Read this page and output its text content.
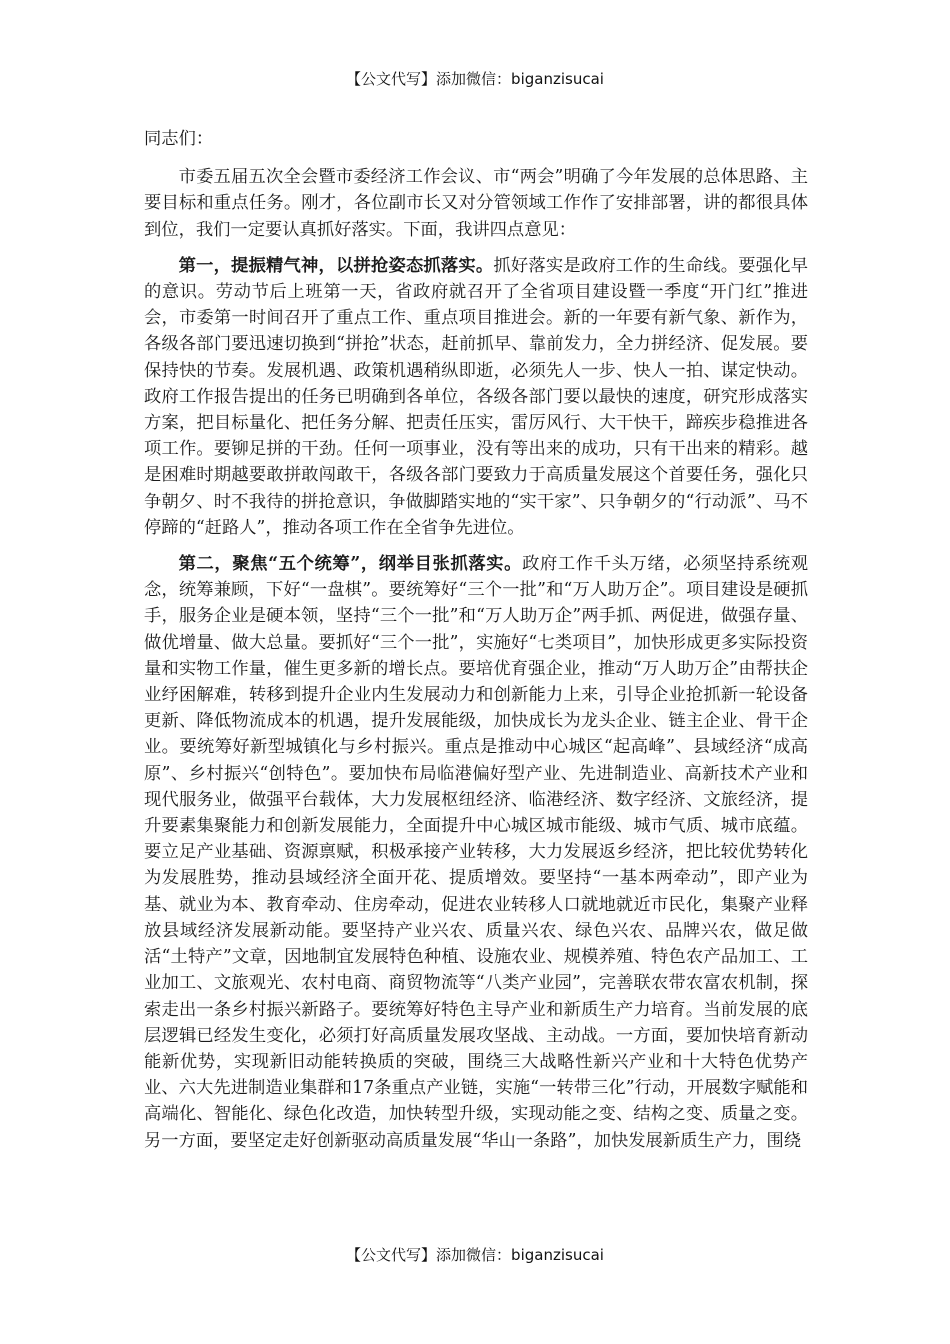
【公文代写】添加微信：biganzisucai

同志们：

市委五届五次全会暨市委经济工作会议、市“两会”明确了今年发展的总体思路、主要目标和重点任务。刚才，各位副市长又对分管领域工作作了安排部署，讲的都很具体到位，我们一定要认真抓好落实。下面，我讲四点意见：

第一，提振精气神，以拼抢姿态抓落实。抓好落实是政府工作的生命线。要强化早的意识。劳动节后上班第一天，省政府就召开了全省项目建设暨一季度“开门红”推进会，市委第一时间召开了重点工作、重点项目推进会。新的一年要有新气象、新作为，各级各部门要迅速切换到“拼抢”状态，赶前抓早、靠前发力，全力拼经济、促发展。要保持快的节奏。发展机遇、政策机遇稍纵即逝，必须先人一步、快人一拍、谋定快动。政府工作报告提出的任务已明确到各单位，各级各部门要以最快的速度，研究形成落实方案，把目标量化、把任务分解、把责任压实，雷厉风行、大干快干，蹄疾步稳推进各项工作。要铆足拼的干劲。任何一项事业，没有等出来的成功，只有干出来的精彩。越是困难时期越要敢拼敢闯敢干，各级各部门要致力于高质量发展这个首要任务，强化只争朝夕、时不我待的拼抢意识，争做脚踏实地的“实干家”、只争朝夕的“行动派”、马不停蹄的“赶路人”，推动各项工作在全省争先进位。

第二，聚焦“五个统筹”，纲举目张抓落实。政府工作千头万绪，必须坚持系统观念，统筹兼顾，下好“一盘棋”。要统筹好“三个一批”和“万人助万企”。项目建设是硬抓手，服务企业是硬本领，坚持“三个一批”和“万人助万企”两手抓、两促进，做强存量、做优增量、做大总量。要抓好“三个一批”，实施好“七类项目”，加快形成更多实际投资量和实物工作量，催生更多新的增长点。要培优育强企业，推动“万人助万企”由帮扶企业纾困解难，转移到提升企业内生发展动力和创新能力上来，引导企业抢抓新一轮设备更新、降低物流成本的机遇，提升发展能级，加快成长为龙头企业、链主企业、骨干企业。要统筹好新型城镇化与乡村振兴。重点是推动中心城区“起高峰”、县域经济“成高原”、乡村振兴“创特色”。要加快布局临港偏好型产业、先进制造业、高新技术产业和现代服务业，做强平台载体，大力发展枢纽经济、临港经济、数字经济、文旅经济，提升要素集聚能力和创新发展能力，全面提升中心城区城市能级、城市气质、城市底蕴。要立足产业基础、资源禀赋，积极承接产业转移，大力发展返乡经济，把比较优势转化为发展胜势，推动县域经济全面开花、提质增效。要坚持“一基本两牵动”，即产业为基、就业为本、教育牵动、住房牵动，促进农业转移人口就地就近市民化，集聚产业释放县域经济发展新动能。要坚持产业兴农、质量兴农、绿色兴农、品牌兴农，做足做活“土特产”文章，因地制宜发展特色种植、设施农业、规模养殖、特色农产品加工、工业加工、文旅观光、农村电商、商贸物流等“八类产业园”，完善联农带农富农机制，探索走出一条乡村振兴新路子。要统筹好特色主导产业和新质生产力培育。当前发展的底层逻辑已经发生变化，必须打好高质量发展攻坚战、主动战。一方面，要加快培育新动能新优势，实现新旧动能转换质的突破，围绕三大战略性新兴产业和十大特色优势产业、六大先进制造业集群和17条重点产业链，实施“一转带三化”行动，开展数字赋能和高端化、智能化、绿色化改造，加快转型升级，实现动能之变、结构之变、质量之变。另一方面，要坚定走好创新驱动高质量发展“华山一条路”，加快发展新质生产力，围绕

【公文代写】添加微信：biganzisucai
